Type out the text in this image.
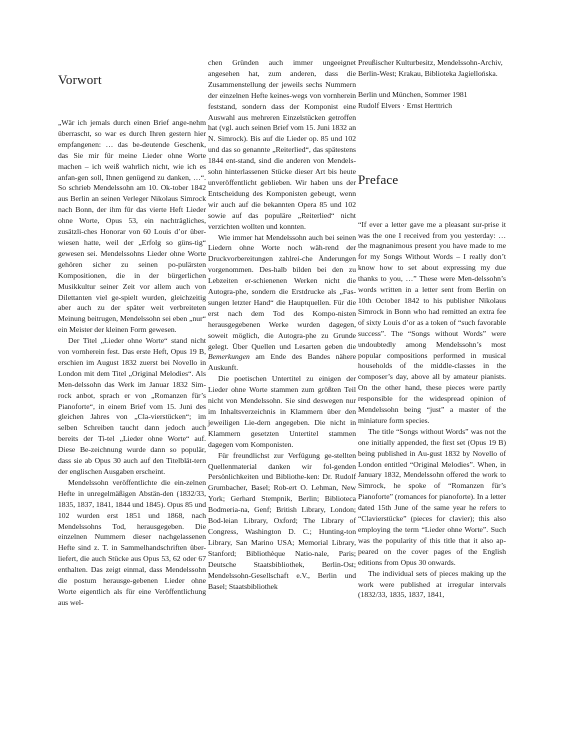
Vorwort

„Wär ich jemals durch einen Brief ange-nehm überrascht, so war es durch Ihren gestern hier empfangenen: … das be-deutende Geschenk, das Sie mir für meine Lieder ohne Worte machen – ich weiß wahrlich nicht, wie ich es anfan-gen soll, Ihnen genügend zu danken, …“. So schrieb Mendelssohn am 10. Ok-tober 1842 aus Berlin an seinen Verleger Nikolaus Simrock nach Bonn, der ihm für das vierte Heft Lieder ohne Worte, Opus 53, ein nachträgliches, zusätzli-ches Honorar von 60 Louis d’or über-wiesen hatte, weil der „Erfolg so güns-tig“ gewesen sei. Mendelssohns Lieder ohne Worte gehören sicher zu seinen po-pulärsten Kompositionen, die in der bürgerlichen Musikkultur seiner Zeit vor allem auch von Dilettanten viel ge-spielt wurden, gleichzeitig aber auch zu der später weit verbreiteten Meinung beitrugen, Mendelssohn sei eben „nur“ ein Meister der kleinen Form gewesen.

Der Titel „Lieder ohne Worte“ stand nicht von vornherein fest. Das erste Heft, Opus 19 B, erschien im August 1832 zuerst bei Novello in London mit dem Titel „Original Melodies“. Als Men-delssohn das Werk im Januar 1832 Sim-rock anbot, sprach er von „Romanzen für’s Pianoforte“, in einem Brief vom 15. Juni des gleichen Jahres von „Cla-vierstücken“; im selben Schreiben taucht dann jedoch auch bereits der Ti-tel „Lieder ohne Worte“ auf. Diese Be-zeichnung wurde dann so populär, dass sie ab Opus 30 auch auf den Titelblät-tern der englischen Ausgaben erscheint.

Mendelssohn veröffentlichte die ein-zelnen Hefte in unregelmäßigen Abstän-den (1832/33, 1835, 1837, 1841, 1844 und 1845). Opus 85 und 102 wurden erst 1851 und 1868, nach Mendelssohns Tod, herausgegeben. Die einzelnen Nummern dieser nachgelassenen Hefte sind z. T. in Sammelhandschriften über-liefert, die auch Stücke aus Opus 53, 62 oder 67 enthalten. Das zeigt einmal, dass Mendelssohn die postum herausge-gebenen Lieder ohne Worte eigentlich als für eine Veröffentlichung aus wel-

chen Gründen auch immer ungeeignet angesehen hat, zum anderen, dass die Zusammenstellung der jeweils sechs Nummern der einzelnen Hefte keines-wegs von vornherein feststand, sondern dass der Komponist eine Auswahl aus mehreren Einzelstücken getroffen hat (vgl. auch seinen Brief vom 15. Juni 1832 an N. Simrock). Bis auf die Lieder op. 85 und 102 und das so genannte „Reiterlied“, das spätestens 1844 ent-stand, sind die anderen von Mendels-sohn hinterlassenen Stücke dieser Art bis heute unveröffentlicht geblieben. Wir haben uns der Entscheidung des Komponisten gebeugt, wenn wir auch auf die bekannten Opera 85 und 102 sowie auf das populäre „Reiterlied“ nicht verzichten wollten und konnten.

Wie immer hat Mendelssohn auch bei seinen Liedern ohne Worte noch wäh-rend der Druckvorbereitungen zahlrei-che Änderungen vorgenommen. Des-halb bilden bei den zu Lebzeiten er-schienenen Werken nicht die Autogra-phe, sondern die Erstdrucke als „Fas-sungen letzter Hand“ die Hauptquellen. Für die erst nach dem Tod des Kompo-nisten herausgegebenen Werke wurden dagegen, soweit möglich, die Autogra-phe zu Grunde gelegt. Über Quellen und Lesarten geben die Bemerkungen am Ende des Bandes nähere Auskunft.

Die poetischen Untertitel zu einigen der Lieder ohne Worte stammen zum größten Teil nicht von Mendelssohn. Sie sind deswegen nur im Inhaltsverzeichnis in Klammern über den jeweiligen Lie-dern angegeben. Die nicht in Klammern gesetzten Untertitel stammen dagegen vom Komponisten.

Für freundlichst zur Verfügung ge-stellten Quellenmaterial danken wir fol-genden Persönlichkeiten und Bibliothe-ken: Dr. Rudolf Grumbacher, Basel; Rob-ert O. Lehman, New York; Gerhard Stempnik, Berlin; Biblioteca Bodmeria-na, Genf; British Library, London; Bod-leian Library, Oxford; The Library of Congress, Washington D. C.; Hunting-ton Library, San Marino USA; Memorial Library, Stanford; Bibliothèque Natio-nale, Paris; Deutsche Staatsbibliothek, Berlin-Ost; Mendelssohn-Gesellschaft e.V., Berlin und Basel; Staatsbibliothek

Preußischer Kulturbesitz, Mendelssohn-Archiv, Berlin-West; Krakau, Biblioteka Jagiellońska.

Berlin und München, Sommer 1981

Rudolf Elvers · Ernst Herttrich

Preface

“If ever a letter gave me a pleasant sur-prise it was the one I received from you yesterday: … the magnanimous present you have made to me for my Songs Without Words – I really don’t know how to set about expressing my due thanks to you, …” These were Men-delssohn’s words written in a letter sent from Berlin on 10th October 1842 to his publisher Nikolaus Simrock in Bonn who had remitted an extra fee of sixty Louis d’or as a token of “such favorable success”. The “Songs without Words” were undoubtedly among Mendelssohn’s most popular compositions performed in musical households of the middle-classes in the composer’s day, above all by amateur pianists. On the other hand, these pieces were partly responsible for the widespread opinion of Mendelssohn being “just” a master of the miniature form species.

The title “Songs without Words” was not the one initially appended, the first set (Opus 19 B) being published in Au-gust 1832 by Novello of London entitled “Original Melodies”. When, in January 1832, Mendelssohn offered the work to Simrock, he spoke of “Romanzen für’s Pianoforte” (romances for pianoforte). In a letter dated 15th June of the same year he refers to “Clavierstücke” (pieces for clavier); this also employing the term “Lieder ohne Worte”. Such was the popularity of this title that it also ap-peared on the cover pages of the English editions from Opus 30 onwards.

The individual sets of pieces making up the work were published at irregular intervals (1832/33, 1835, 1837, 1841,
